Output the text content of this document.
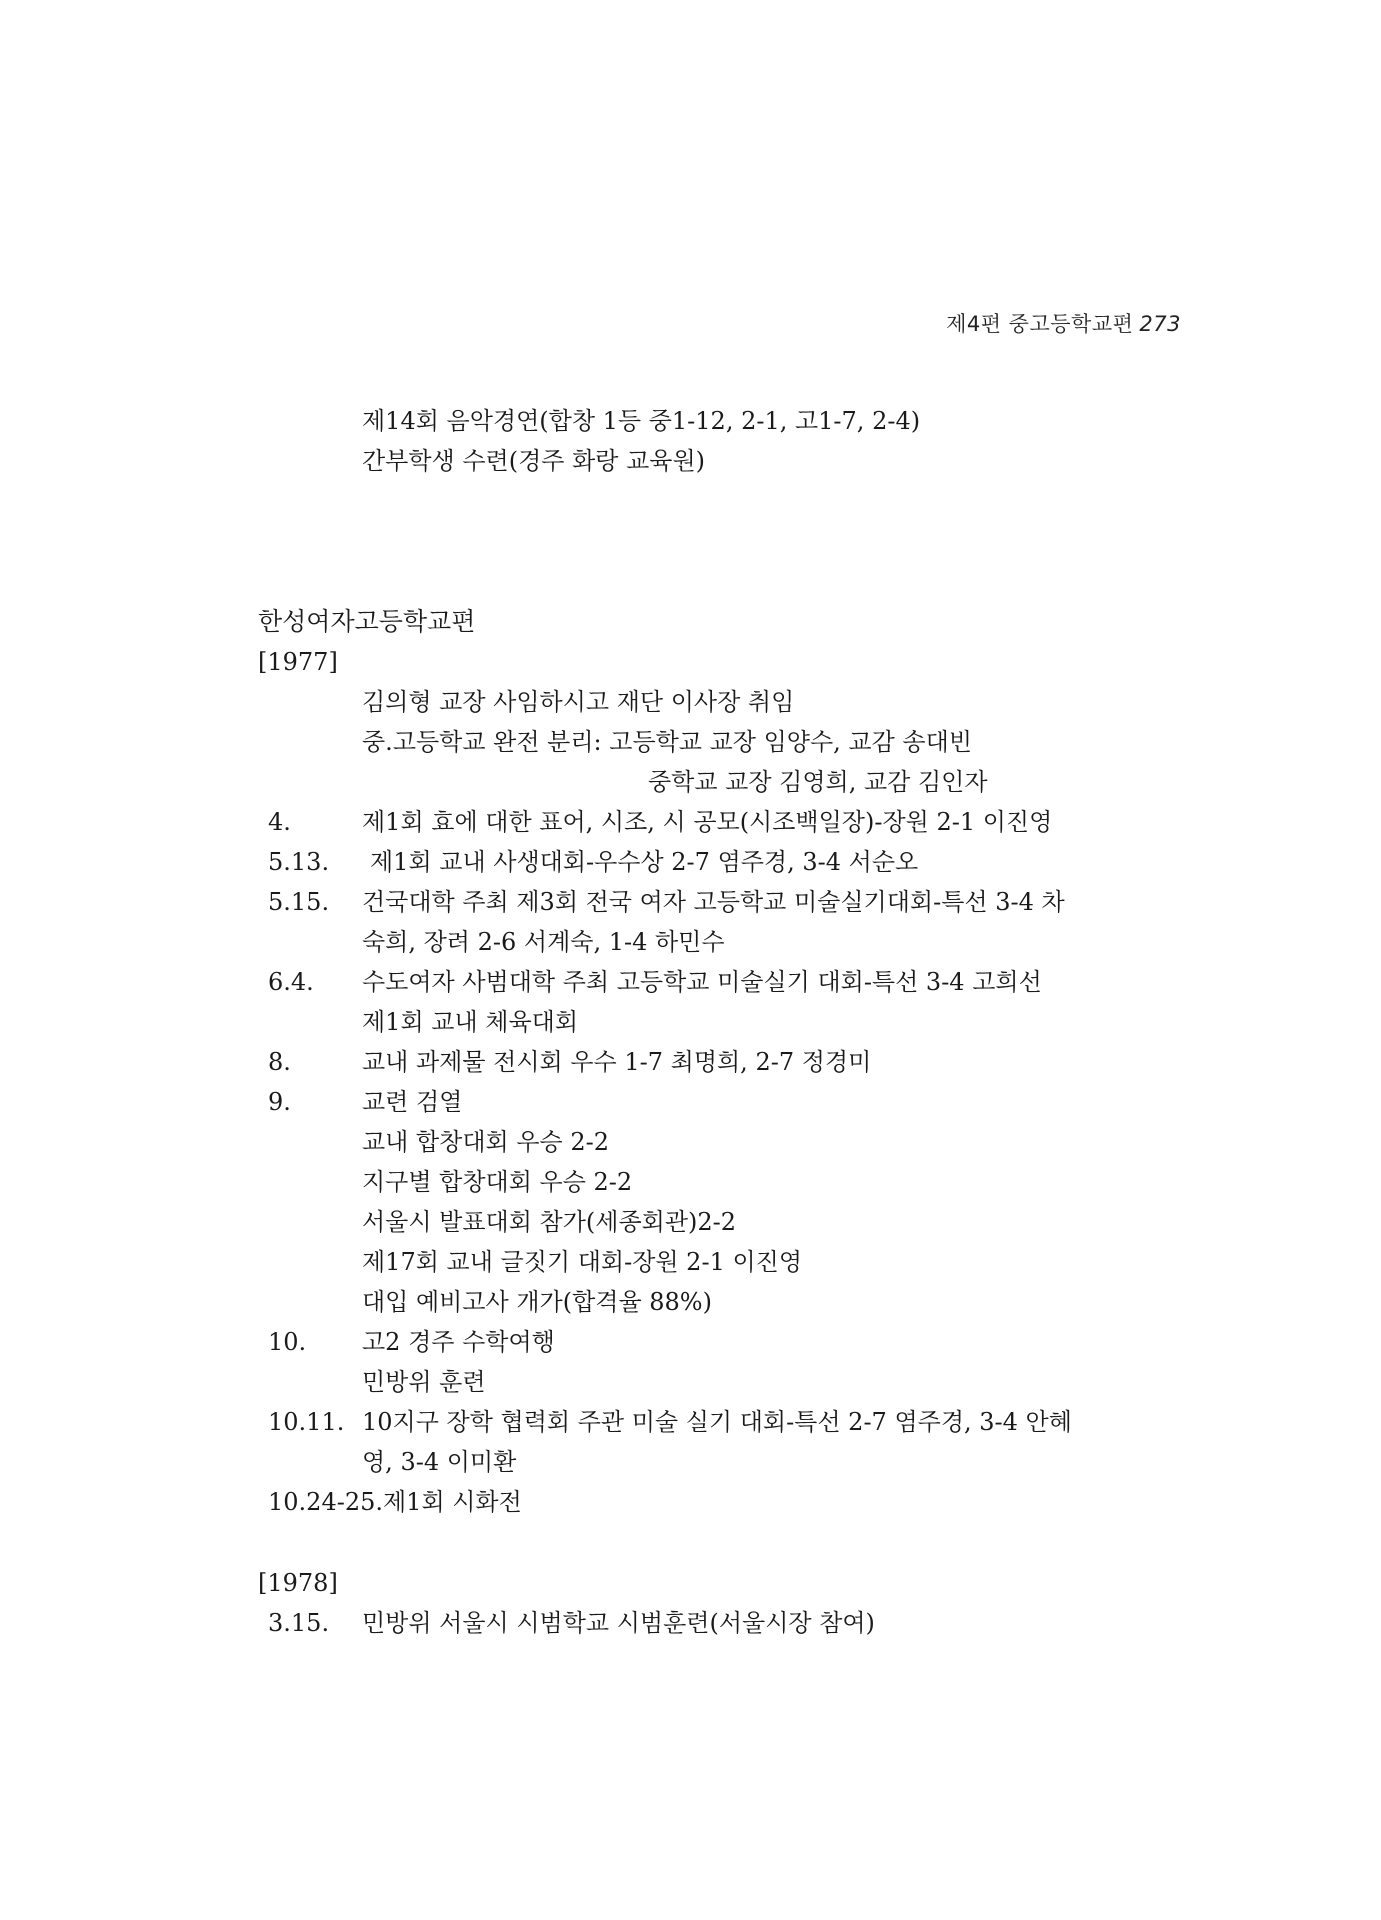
제4편 중고등학교편 273
제14회 음악경연(합창 1등 중1-12, 2-1, 고1-7, 2-4)
간부학생 수련(경주 화랑 교육원)
한성여자고등학교편
[1977]
김의형 교장 사임하시고 재단 이사장 취임
중.고등학교 완전 분리: 고등학교 교장 임양수, 교감 송대빈
중학교 교장 김영희, 교감 김인자
4.	제1회 효에 대한 표어, 시조, 시 공모(시조백일장)-장원 2-1 이진영
5.13. 제1회 교내 사생대회-우수상 2-7 염주경, 3-4 서순오
5.15. 건국대학 주최 제3회 전국 여자 고등학교 미술실기대회-특선 3-4 차
숙희, 장려 2-6 서계숙, 1-4 하민수
6.4. 수도여자 사범대학 주최 고등학교 미술실기 대회-특선 3-4 고희선
제1회 교내 체육대회
8.	교내 과제물 전시회 우수 1-7 최명희, 2-7 정경미
9.	교련 검열
교내 합창대회 우승 2-2
지구별 합창대회 우승 2-2
서울시 발표대회 참가(세종회관)2-2
제17회 교내 글짓기 대회-장원 2-1 이진영
대입 예비고사 개가(합격율 88%)
10. 고2 경주 수학여행
민방위 훈련
10.11. 10지구 장학 협력회 주관 미술 실기 대회-특선 2-7 염주경, 3-4 안혜
영, 3-4 이미환
10.24-25.제1회 시화전
[1978]
3.15. 민방위 서울시 시범학교 시범훈련(서울시장 참여)
